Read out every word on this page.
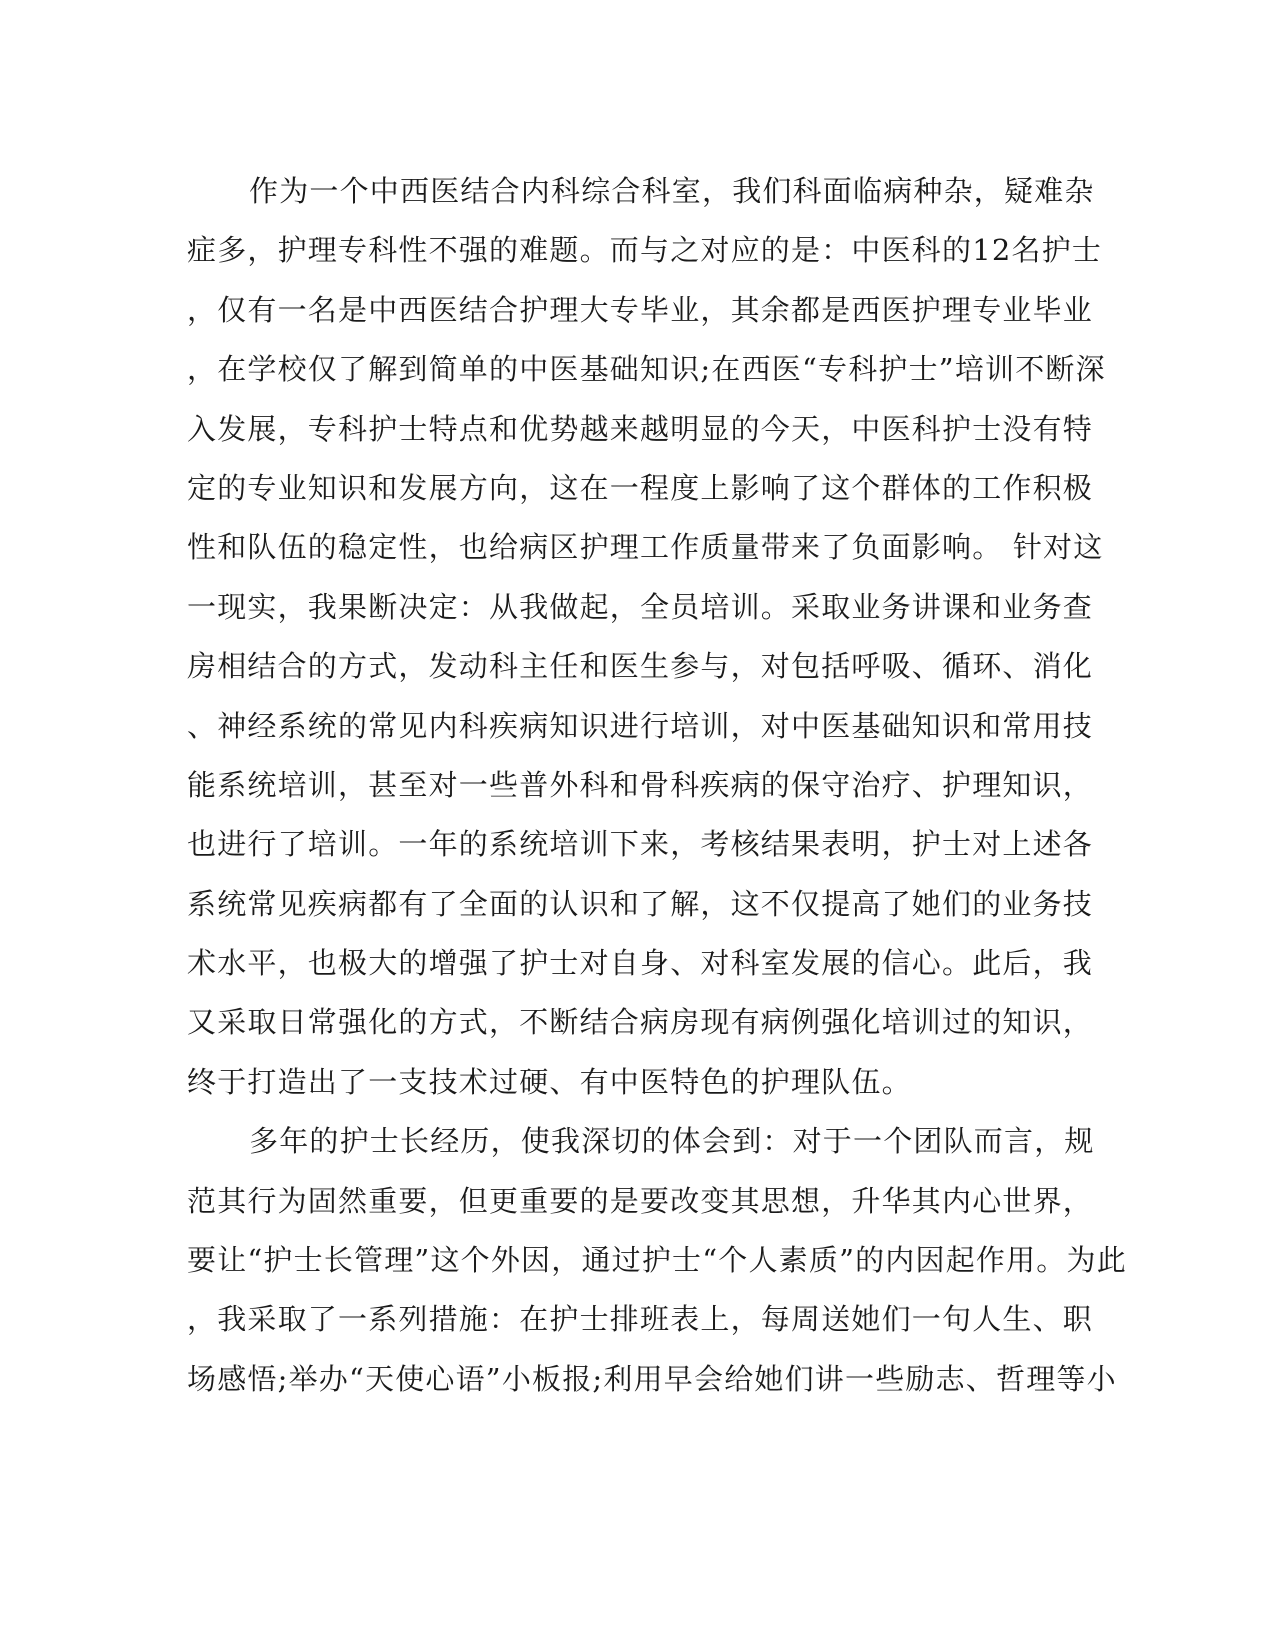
作为一个中西医结合内科综合科室，我们科面临病种杂，疑难杂
症多，护理专科性不强的难题。而与之对应的是：中医科的12名护士
，仅有一名是中西医结合护理大专毕业，其余都是西医护理专业毕业
，在学校仅了解到简单的中医基础知识;在西医“专科护士”培训不断深
入发展，专科护士特点和优势越来越明显的今天，中医科护士没有特
定的专业知识和发展方向，这在一程度上影响了这个群体的工作积极
性和队伍的稳定性，也给病区护理工作质量带来了负面影响。 针对这
一现实，我果断决定：从我做起，全员培训。采取业务讲课和业务查
房相结合的方式，发动科主任和医生参与，对包括呼吸、循环、消化
、神经系统的常见内科疾病知识进行培训，对中医基础知识和常用技
能系统培训，甚至对一些普外科和骨科疾病的保守治疗、护理知识，
也进行了培训。一年的系统培训下来，考核结果表明，护士对上述各
系统常见疾病都有了全面的认识和了解，这不仅提高了她们的业务技
术水平，也极大的增强了护士对自身、对科室发展的信心。此后，我
又采取日常强化的方式，不断结合病房现有病例强化培训过的知识，
终于打造出了一支技术过硬、有中医特色的护理队伍。
多年的护士长经历，使我深切的体会到：对于一个团队而言，规
范其行为固然重要，但更重要的是要改变其思想，升华其内心世界，
要让“护士长管理”这个外因，通过护士“个人素质”的内因起作用。为此
，我采取了一系列措施：在护士排班表上，每周送她们一句人生、职
场感悟;举办“天使心语”小板报;利用早会给她们讲一些励志、哲理等小
